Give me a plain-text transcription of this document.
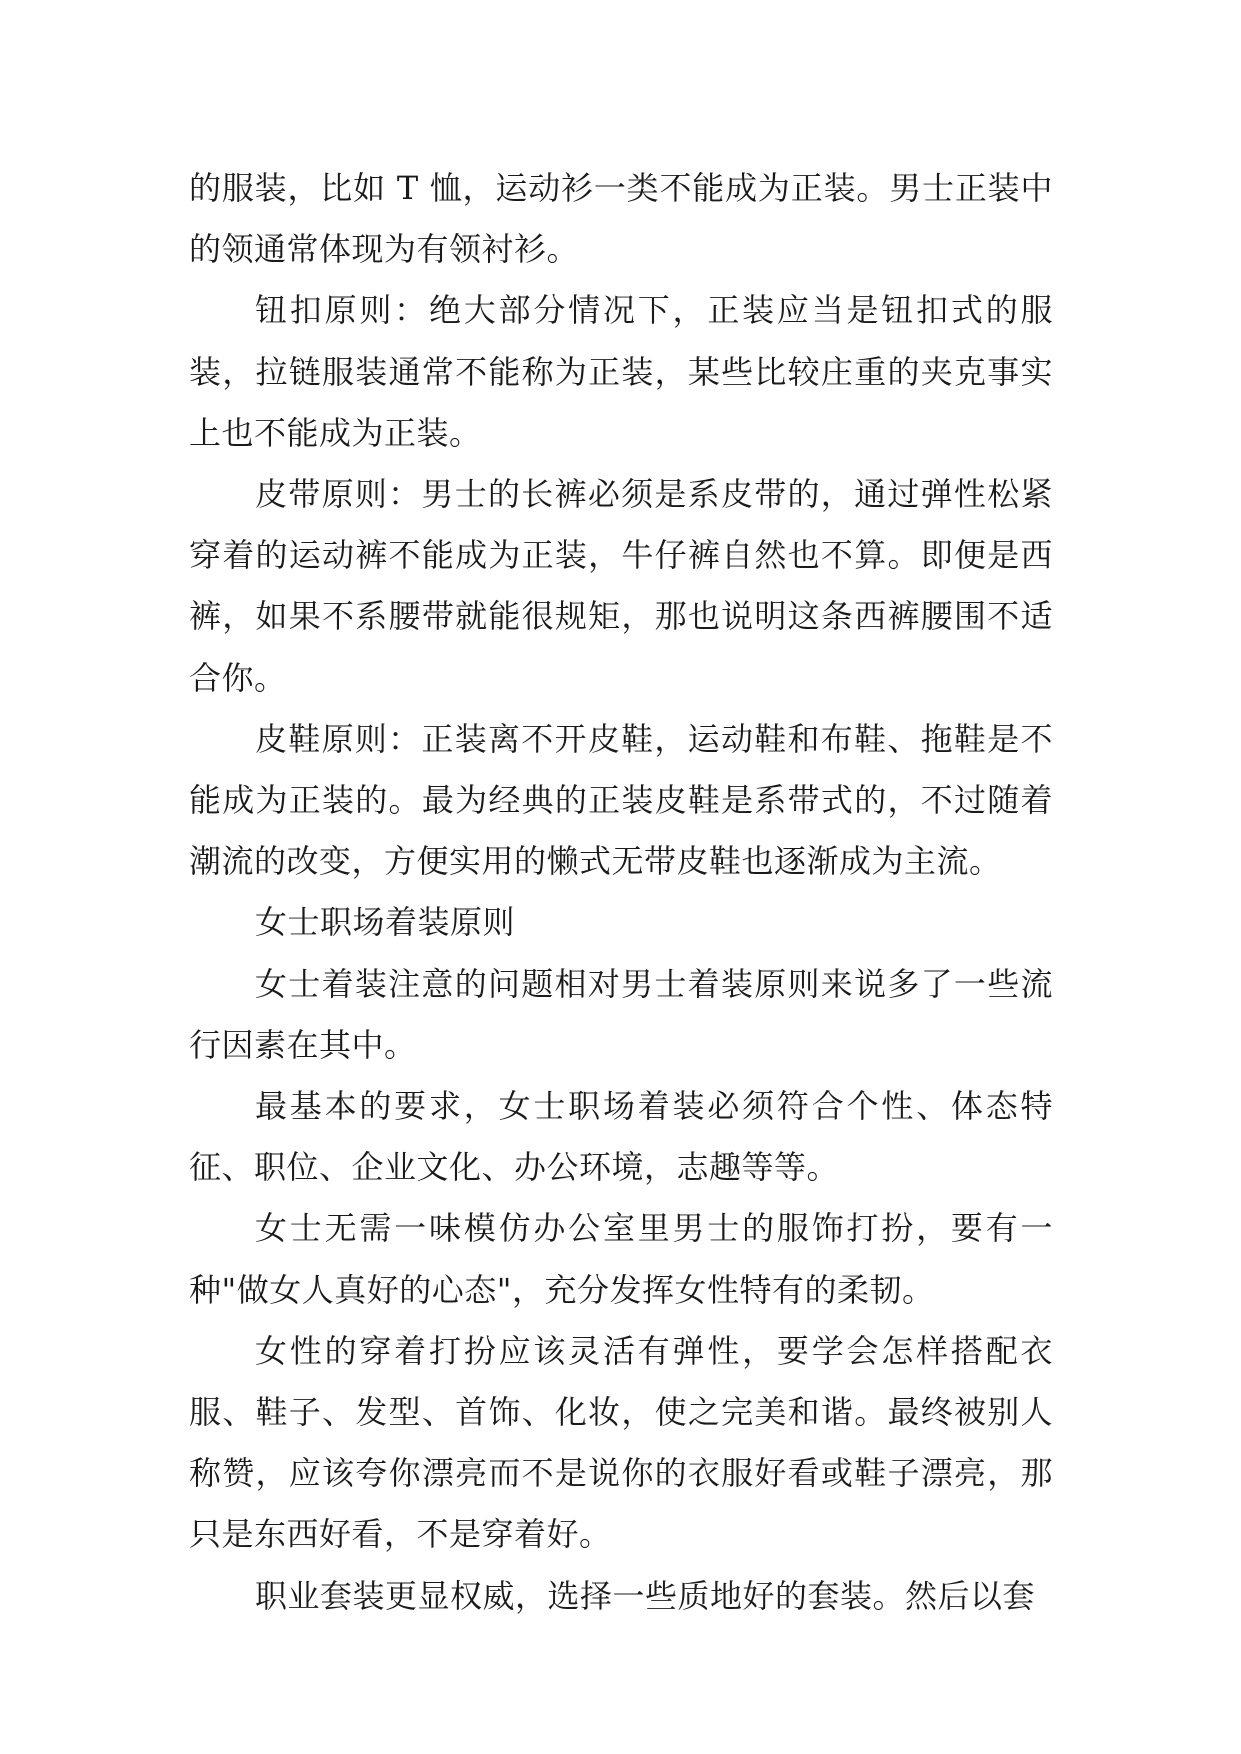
的服装，比如 T 恤，运动衫一类不能成为正装。男士正装中的领通常体现为有领衬衫。

钮扣原则：绝大部分情况下，正装应当是钮扣式的服装，拉链服装通常不能称为正装，某些比较庄重的夹克事实上也不能成为正装。

皮带原则：男士的长裤必须是系皮带的，通过弹性松紧穿着的运动裤不能成为正装，牛仔裤自然也不算。即便是西裤，如果不系腰带就能很规矩，那也说明这条西裤腰围不适合你。

皮鞋原则：正装离不开皮鞋，运动鞋和布鞋、拖鞋是不能成为正装的。最为经典的正装皮鞋是系带式的，不过随着潮流的改变，方便实用的懒式无带皮鞋也逐渐成为主流。

女士职场着装原则

女士着装注意的问题相对男士着装原则来说多了一些流行因素在其中。

最基本的要求，女士职场着装必须符合个性、体态特征、职位、企业文化、办公环境，志趣等等。

女士无需一味模仿办公室里男士的服饰打扮，要有一种"做女人真好的心态"，充分发挥女性特有的柔韧。

女性的穿着打扮应该灵活有弹性，要学会怎样搭配衣服、鞋子、发型、首饰、化妆，使之完美和谐。最终被别人称赞，应该夸你漂亮而不是说你的衣服好看或鞋子漂亮，那只是东西好看，不是穿着好。

职业套装更显权威，选择一些质地好的套装。然后以套
